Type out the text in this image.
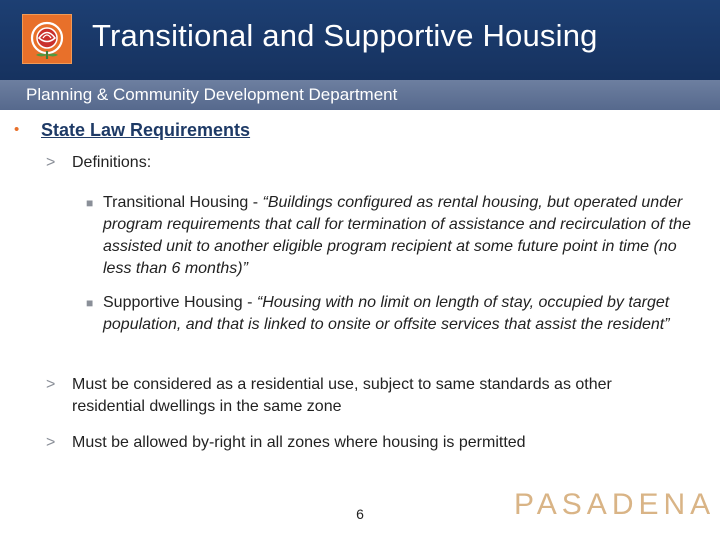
Transitional and Supportive Housing
Planning & Community Development Department
• State Law Requirements
> Definitions:
■ Transitional Housing - “Buildings configured as rental housing, but operated under program requirements that call for termination of assistance and recirculation of the assisted unit to another eligible program recipient at some future point in time (no less than 6 months)”
■ Supportive Housing - “Housing with no limit on length of stay, occupied by target population, and that is linked to onsite or offsite services that assist the resident”
> Must be considered as a residential use, subject to same standards as other residential dwellings in the same zone
> Must be allowed by-right in all zones where housing is permitted
6	PASADENA
